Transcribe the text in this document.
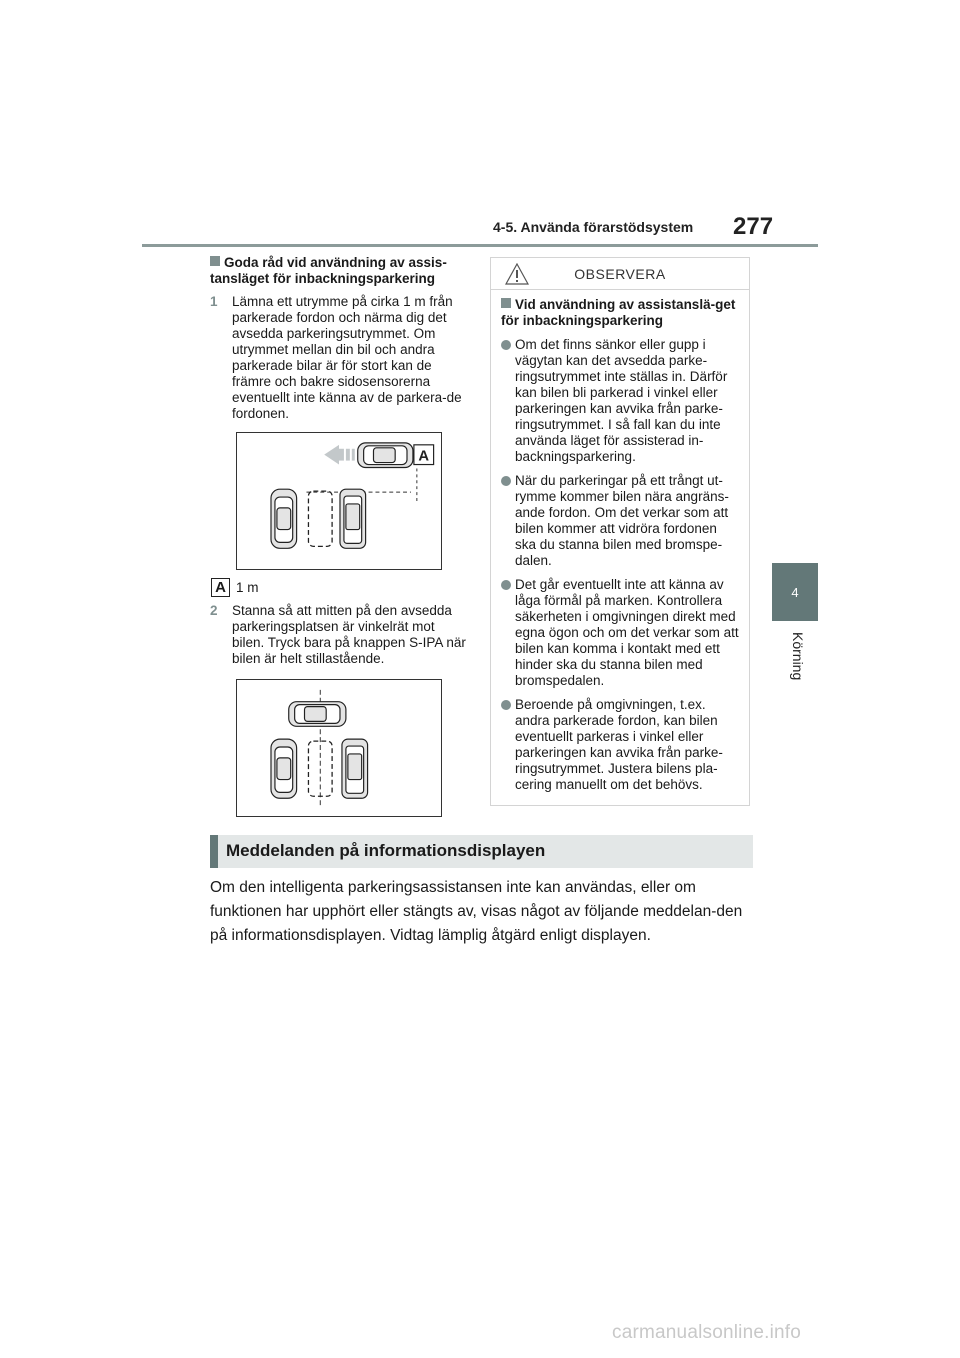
4-5. Använda förarstödsystem 277
4
Körning
Goda råd vid användning av assis-tansläget för inbackningsparkering
1 Lämna ett utrymme på cirka 1 m från parkerade fordon och närma dig det avsedda parkeringsutrymmet. Om utrymmet mellan din bil och andra parkerade bilar är för stort kan de främre och bakre sidosensorerna eventuellt inte känna av de parkera-de fordonen.
A
A 1 m
2 Stanna så att mitten på den avsedda parkeringsplatsen är vinkelrät mot bilen. Tryck bara på knappen S-IPA när bilen är helt stillastående.
OBSERVERA
Vid användning av assistanslä-get för inbackningsparkering
Om det finns sänkor eller gupp i vägytan kan det avsedda parke-ringsutrymmet inte ställas in. Därför kan bilen bli parkerad i vinkel eller parkeringen kan avvika från parke-ringsutrymmet. I så fall kan du inte använda läget för assisterad in-backningsparkering.
När du parkeringar på ett trångt ut-rymme kommer bilen nära angräns-ande fordon. Om det verkar som att bilen kommer att vidröra fordonen ska du stanna bilen med bromspe-dalen.
Det går eventuellt inte att känna av låga förmål på marken. Kontrollera säkerheten i omgivningen direkt med egna ögon och om det verkar som att bilen kan komma i kontakt med ett hinder ska du stanna bilen med bromspedalen.
Beroende på omgivningen, t.ex. andra parkerade fordon, kan bilen eventuellt parkeras i vinkel eller parkeringen kan avvika från parke-ringsutrymmet. Justera bilens pla-cering manuellt om det behövs.
Meddelanden på informationsdisplayen
Om den intelligenta parkeringsassistansen inte kan användas, eller om funktionen har upphört eller stängts av, visas något av följande meddelan-den på informationsdisplayen. Vidtag lämplig åtgärd enligt displayen.
carmanualsonline.info
